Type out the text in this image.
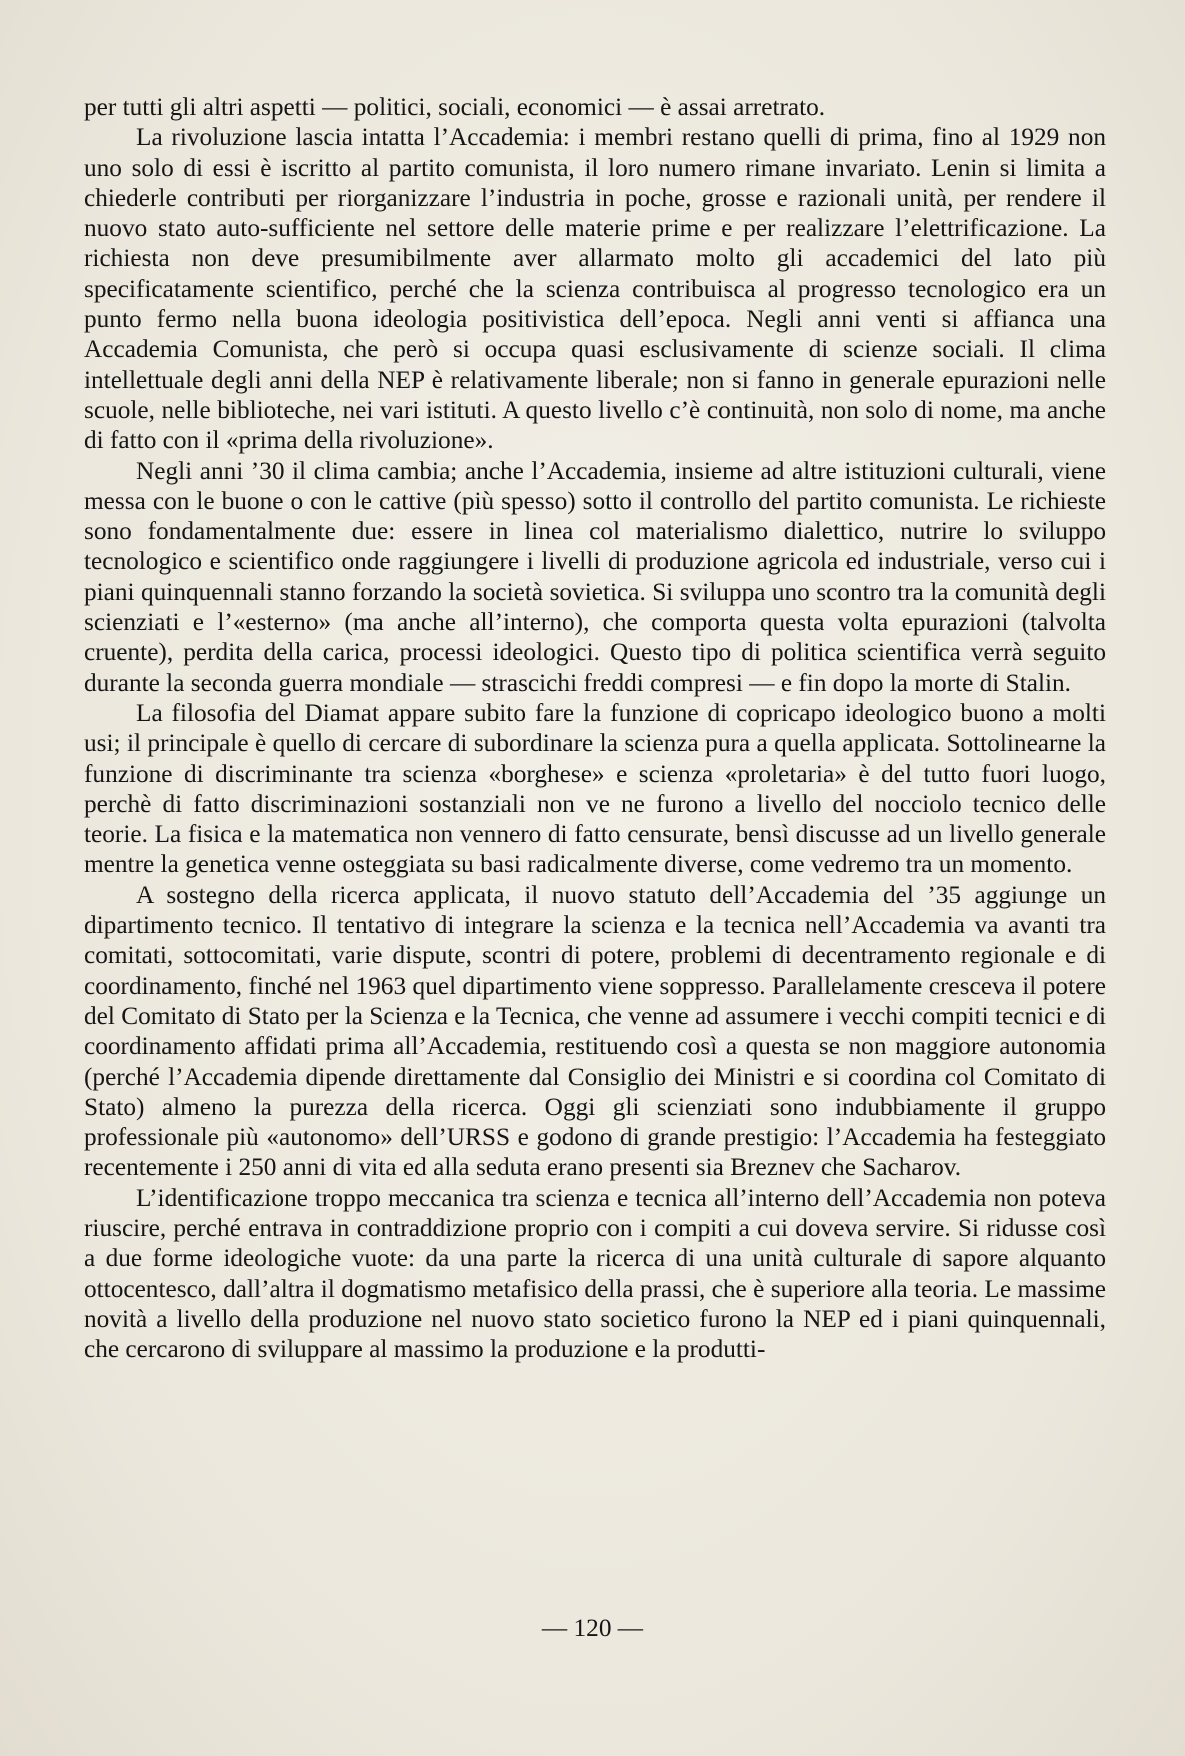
per tutti gli altri aspetti — politici, sociali, economici — è assai arretrato.

La rivoluzione lascia intatta l’Accademia: i membri restano quelli di prima, fino al 1929 non uno solo di essi è iscritto al partito comunista, il loro numero rimane invariato. Lenin si limita a chiederle contributi per riorganizzare l’industria in poche, grosse e razionali unità, per rendere il nuovo stato auto-sufficiente nel settore delle materie prime e per realizzare l’elettrificazione. La richiesta non deve presumibilmente aver allarmato molto gli accademici del lato più specificatamente scientifico, perché che la scienza contribuisca al progresso tecnologico era un punto fermo nella buona ideologia positivistica dell’epoca. Negli anni venti si affianca una Accademia Comunista, che però si occupa quasi esclusivamente di scienze sociali. Il clima intellettuale degli anni della NEP è relativamente liberale; non si fanno in generale epurazioni nelle scuole, nelle biblioteche, nei vari istituti. A questo livello c’è continuità, non solo di nome, ma anche di fatto con il «prima della rivoluzione».

Negli anni ’30 il clima cambia; anche l’Accademia, insieme ad altre istituzioni culturali, viene messa con le buone o con le cattive (più spesso) sotto il controllo del partito comunista. Le richieste sono fondamentalmente due: essere in linea col materialismo dialettico, nutrire lo sviluppo tecnologico e scientifico onde raggiungere i livelli di produzione agricola ed industriale, verso cui i piani quinquennali stanno forzando la società sovietica. Si sviluppa uno scontro tra la comunità degli scienziati e l’«esterno» (ma anche all’interno), che comporta questa volta epurazioni (talvolta cruente), perdita della carica, processi ideologici. Questo tipo di politica scientifica verrà seguito durante la seconda guerra mondiale — strascichi freddi compresi — e fin dopo la morte di Stalin.

La filosofia del Diamat appare subito fare la funzione di copricapo ideologico buono a molti usi; il principale è quello di cercare di subordinare la scienza pura a quella applicata. Sottolinearne la funzione di discriminante tra scienza «borghese» e scienza «proletaria» è del tutto fuori luogo, perchè di fatto discriminazioni sostanziali non ve ne furono a livello del nocciolo tecnico delle teorie. La fisica e la matematica non vennero di fatto censurate, bensì discusse ad un livello generale mentre la genetica venne osteggiata su basi radicalmente diverse, come vedremo tra un momento.

A sostegno della ricerca applicata, il nuovo statuto dell’Accademia del ’35 aggiunge un dipartimento tecnico. Il tentativo di integrare la scienza e la tecnica nell’Accademia va avanti tra comitati, sottocomitati, varie dispute, scontri di potere, problemi di decentramento regionale e di coordinamento, finché nel 1963 quel dipartimento viene soppresso. Parallelamente cresceva il potere del Comitato di Stato per la Scienza e la Tecnica, che venne ad assumere i vecchi compiti tecnici e di coordinamento affidati prima all’Accademia, restituendo così a questa se non maggiore autonomia (perché l’Accademia dipende direttamente dal Consiglio dei Ministri e si coordina col Comitato di Stato) almeno la purezza della ricerca. Oggi gli scienziati sono indubbiamente il gruppo professionale più «autonomo» dell’URSS e godono di grande prestigio: l’Accademia ha festeggiato recentemente i 250 anni di vita ed alla seduta erano presenti sia Breznev che Sacharov.

L’identificazione troppo meccanica tra scienza e tecnica all’interno dell’Accademia non poteva riuscire, perché entrava in contraddizione proprio con i compiti a cui doveva servire. Si ridusse così a due forme ideologiche vuote: da una parte la ricerca di una unità culturale di sapore alquanto ottocentesco, dall’altra il dogmatismo metafisico della prassi, che è superiore alla teoria. Le massime novità a livello della produzione nel nuovo stato societico furono la NEP ed i piani quinquennali, che cercarono di sviluppare al massimo la produzione e la produtti-

— 120 —
